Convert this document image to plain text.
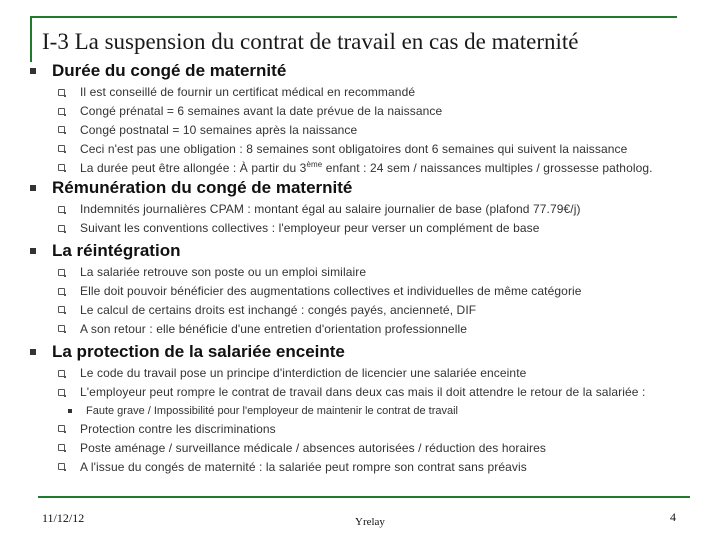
I-3 La suspension du contrat de travail en cas de maternité
Durée du congé de maternité
Il est conseillé de fournir un certificat médical en recommandé
Congé prénatal = 6 semaines avant la date prévue de la naissance
Congé postnatal = 10 semaines après la naissance
Ceci n'est pas une obligation : 8 semaines sont obligatoires dont 6 semaines qui suivent la naissance
La durée peut être allongée : À partir du 3ème enfant : 24 sem / naissances multiples / grossesse patholog.
Rémunération du congé de maternité
Indemnités journalières CPAM : montant égal au salaire journalier de base (plafond 77.79€/j)
Suivant les conventions collectives : l'employeur peur verser un complément de base
La réintégration
La salariée retrouve son poste ou un emploi similaire
Elle doit pouvoir bénéficier des augmentations collectives et individuelles de même catégorie
Le calcul de certains droits est inchangé : congés payés, ancienneté, DIF
A son retour : elle bénéficie d'une entretien d'orientation professionnelle
La protection de la salariée enceinte
Le code du travail pose un principe d'interdiction de licencier une salariée enceinte
L'employeur peut rompre le contrat de travail dans deux cas mais il doit attendre le retour de la salariée :
Faute grave / Impossibilité pour l'employeur de maintenir le contrat de travail
Protection contre les discriminations
Poste aménage / surveillance médicale / absences autorisées / réduction des horaires
A l'issue du congés de maternité : la salariée peut rompre son contrat sans préavis
11/12/12	Yrelay	4
